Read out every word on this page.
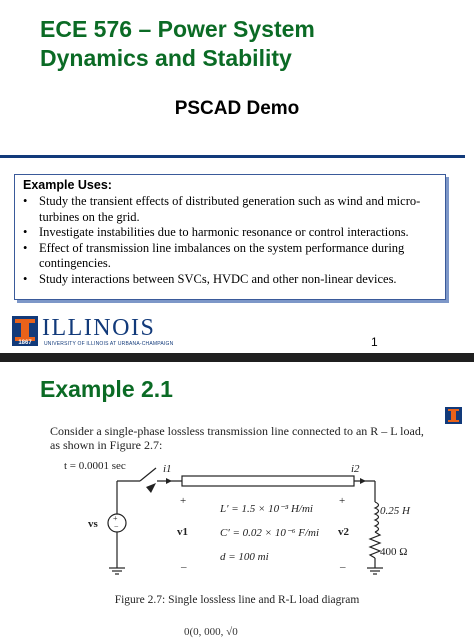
ECE 576 – Power System
Dynamics and Stability
PSCAD Demo
Example Uses:
• Study the transient effects of distributed generation such as wind and micro-turbines on the grid.
• Investigate instabilities due to harmonic resonance or control interactions.
• Effect of transmission line imbalances on the system performance during contingencies.
• Study interactions between SVCs, HVDC and other non-linear devices.
1867
ILLINOIS
UNIVERSITY OF ILLINOIS AT URBANA-CHAMPAIGN	1
Example 2.1
Consider a single-phase lossless transmission line connected to an R – L load, as shown in Figure 2.7:
+
−
t = 0.0001 sec	i1	i2
vs
+
v1
–
+
v2
–
L′ = 1.5 × 10⁻³ H/mi
C′ = 0.02 × 10⁻⁶ F/mi
d = 100 mi
0.25 H
400 Ω
Figure 2.7: Single lossless line and R-L load diagram
0(0, 000, √0
